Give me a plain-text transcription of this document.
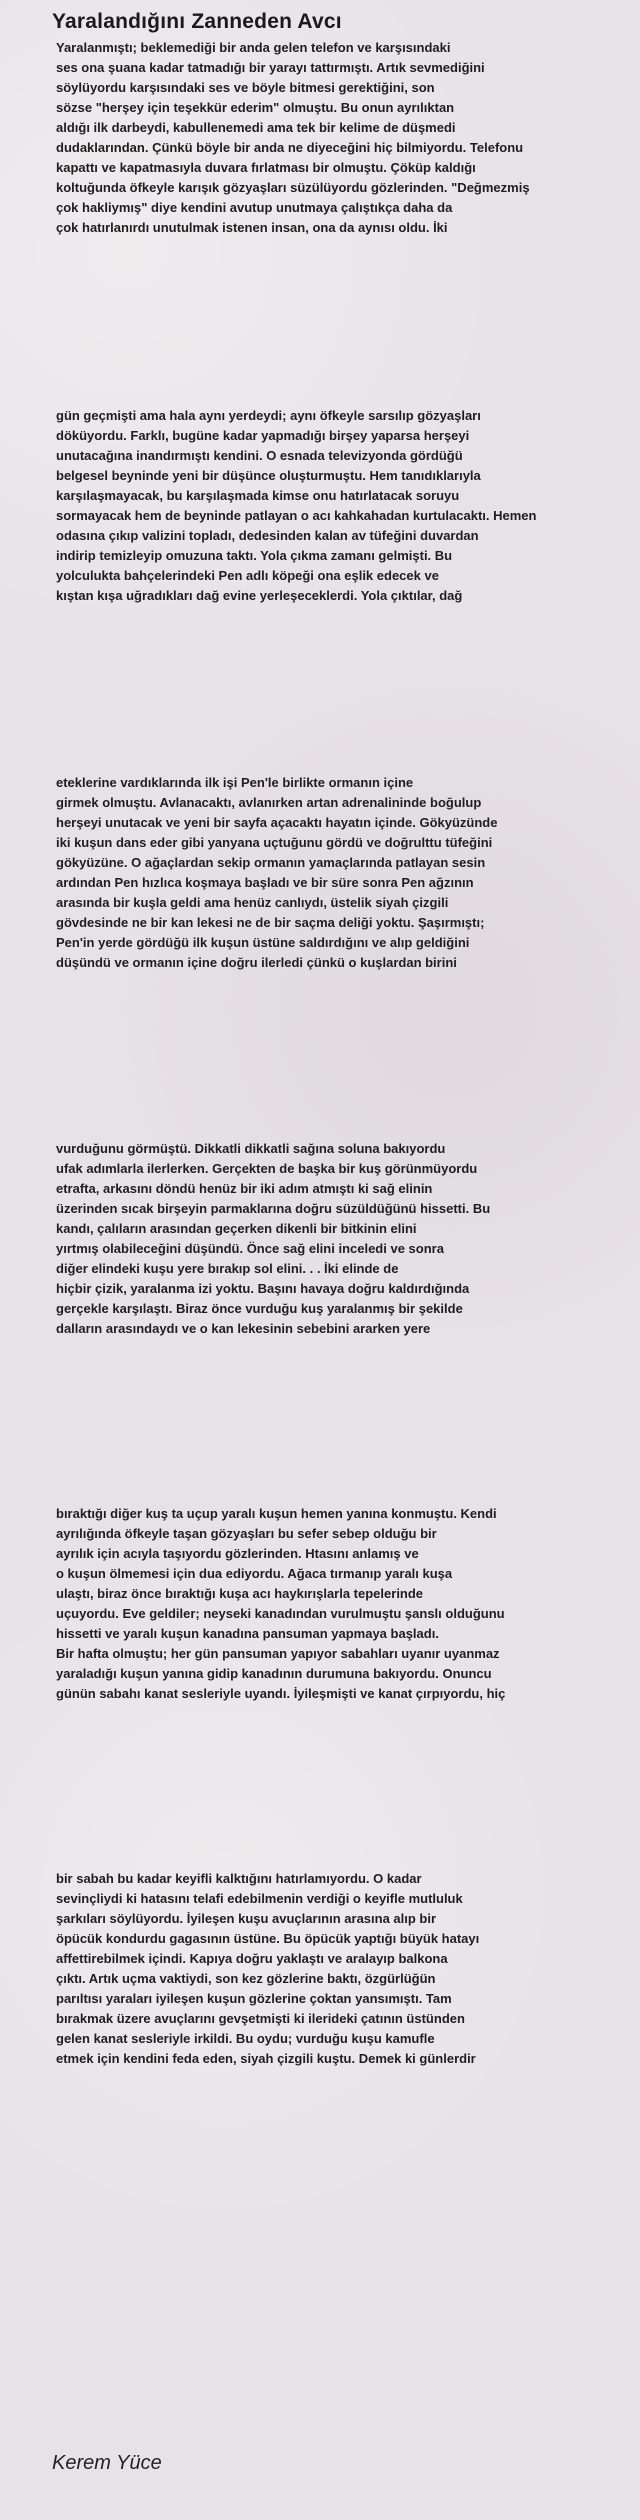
Yaralandığını Zanneden Avcı
Yaralanmıştı; beklemediği bir anda gelen telefon ve karşısındaki
ses ona şuana kadar tatmadığı bir yarayı tattırmıştı. Artık sevmediğini
söylüyordu karşısındaki ses ve böyle bitmesi gerektiğini, son
sözse "herşey için teşekkür ederim" olmuştu. Bu onun ayrılıktan
aldığı ilk darbeydi, kabullenemedi ama tek bir kelime de düşmedi
dudaklarından. Çünkü böyle bir anda ne diyeceğini hiç bilmiyordu. Telefonu
kapattı ve kapatmasıyla duvara fırlatması bir olmuştu. Çöküp kaldığı
koltuğunda öfkeyle karışık gözyaşları süzülüyordu gözlerinden. "Değmezmiş
çok hakliymış" diye kendini avutup unutmaya çalıştıkça daha da
çok hatırlanırdı unutulmak istenen insan, ona da aynısı oldu. İki
gün geçmişti ama hala aynı yerdeydi; aynı öfkeyle sarsılıp gözyaşları
döküyordu. Farklı, bugüne kadar yapmadığı birşey yaparsa herşeyi
unutacağına inandırmıştı kendini. O esnada televizyonda gördüğü
belgesel beyninde yeni bir düşünce oluşturmuştu. Hem tanıdıklarıyla
karşılaşmayacak, bu karşılaşmada kimse onu hatırlatacak soruyu
sormayacak hem de beyninde patlayan o acı kahkahadan kurtulacaktı. Hemen
odasına çıkıp valizini topladı, dedesinden kalan av tüfeğini duvardan
indirip temizleyip omuzuna taktı. Yola çıkma zamanı gelmişti. Bu
yolculukta bahçelerindeki Pen adlı köpeği ona eşlik edecek ve
kıştan kışa uğradıkları dağ evine yerleşeceklerdi. Yola çıktılar, dağ
eteklerine vardıklarında ilk işi Pen'le birlikte ormanın içine
girmek olmuştu. Avlanacaktı, avlanırken artan adrenalininde boğulup
herşeyi unutacak ve yeni bir sayfa açacaktı hayatın içinde. Gökyüzünde
iki kuşun dans eder gibi yanyana uçtuğunu gördü ve doğrulttu tüfeğini
gökyüzüne. O ağaçlardan sekip ormanın yamaçlarında patlayan sesin
ardından Pen hızlıca koşmaya başladı ve bir süre sonra Pen ağzının
arasında bir kuşla geldi ama henüz canlıydı, üstelik siyah çizgili
gövdesinde ne bir kan lekesi ne de bir saçma deliği yoktu. Şaşırmıştı;
Pen'in yerde gördüğü ilk kuşun üstüne saldırdığını ve alıp geldiğini
düşündü ve ormanın içine doğru ilerledi çünkü o kuşlardan birini
vurduğunu görmüştü. Dikkatli dikkatli sağına soluna bakıyordu
ufak adımlarla ilerlerken. Gerçekten de başka bir kuş görünmüyordu
etrafta, arkasını döndü henüz bir iki adım atmıştı ki sağ elinin
üzerinden sıcak birşeyin parmaklarına doğru süzüldüğünü hissetti. Bu
kandı, çalıların arasından geçerken dikenli bir bitkinin elini
yırtmış olabileceğini düşündü. Önce sağ elini inceledi ve sonra
diğer elindeki kuşu yere bırakıp sol elini. . . İki elinde de
hiçbir çizik, yaralanma izi yoktu. Başını havaya doğru kaldırdığında
gerçekle karşılaştı. Biraz önce vurduğu kuş yaralanmış bir şekilde
dalların arasındaydı ve o kan lekesinin sebebini ararken yere
bıraktığı diğer kuş ta uçup yaralı kuşun hemen yanına konmuştu. Kendi
ayrılığında öfkeyle taşan gözyaşları bu sefer sebep olduğu bir
ayrılık için acıyla taşıyordu gözlerinden. Htasını anlamış ve
o kuşun ölmemesi için dua ediyordu. Ağaca tırmanıp yaralı kuşa
ulaştı, biraz önce bıraktığı kuşa acı haykırışlarla tepelerinde
uçuyordu. Eve geldiler; neyseki kanadından vurulmuştu şanslı olduğunu
hissetti ve yaralı kuşun kanadına pansuman yapmaya başladı.
Bir hafta olmuştu; her gün pansuman yapıyor sabahları uyanır uyanmaz
yaraladığı kuşun yanına gidip kanadının durumuna bakıyordu. Onuncu
günün sabahı kanat sesleriyle uyandı. İyileşmişti ve kanat çırpıyordu, hiç
bir sabah bu kadar keyifli kalktığını hatırlamıyordu. O kadar
sevinçliydi ki hatasını telafi edebilmenin verdiği o keyifle mutluluk
şarkıları söylüyordu. İyileşen kuşu avuçlarının arasına alıp bir
öpücük kondurdu gagasının üstüne. Bu öpücük yaptığı büyük hatayı
affettirebilmek içindi. Kapıya doğru yaklaştı ve aralayıp balkona
çıktı. Artık uçma vaktiydi, son kez gözlerine baktı, özgürlüğün
parıltısı yaraları iyileşen kuşun gözlerine çoktan yansımıştı. Tam
bırakmak üzere avuçlarını gevşetmişti ki ilerideki çatının üstünden
gelen kanat sesleriyle irkildi. Bu oydu; vurduğu kuşu kamufle
etmek için kendini feda eden, siyah çizgili kuştu. Demek ki günlerdir
Kerem Yüce
